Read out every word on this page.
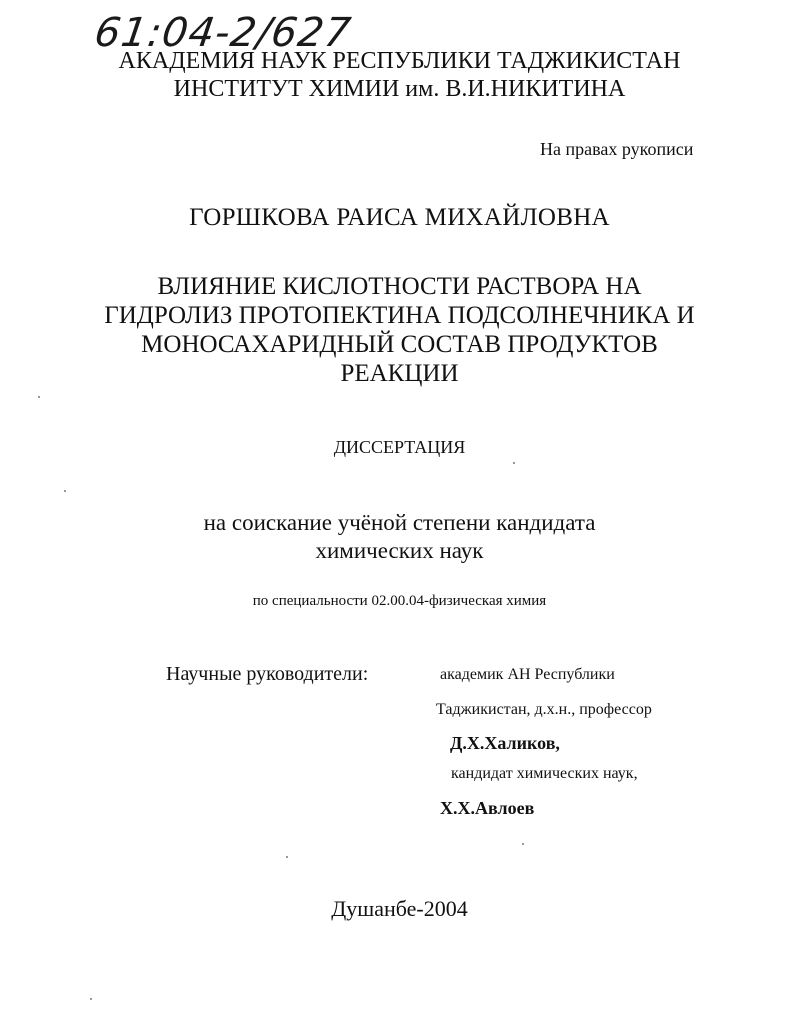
61:04-2/627
АКАДЕМИЯ НАУК РЕСПУБЛИКИ ТАДЖИКИСТАН
ИНСТИТУТ ХИМИИ им. В.И.НИКИТИНА
На правах рукописи
ГОРШКОВА РАИСА МИХАЙЛОВНА
ВЛИЯНИЕ КИСЛОТНОСТИ РАСТВОРА НА
ГИДРОЛИЗ ПРОТОПЕКТИНА ПОДСОЛНЕЧНИКА И
МОНОСАХАРИДНЫЙ СОСТАВ ПРОДУКТОВ
РЕАКЦИИ
ДИССЕРТАЦИЯ
на соискание учёной степени кандидата
химических наук
по специальности 02.00.04-физическая химия
Научные руководители:	академик АН Республики
Таджикистан, д.х.н., профессор
Д.Х.Халиков,
кандидат химических наук,
Х.Х.Авлоев
Душанбе-2004
